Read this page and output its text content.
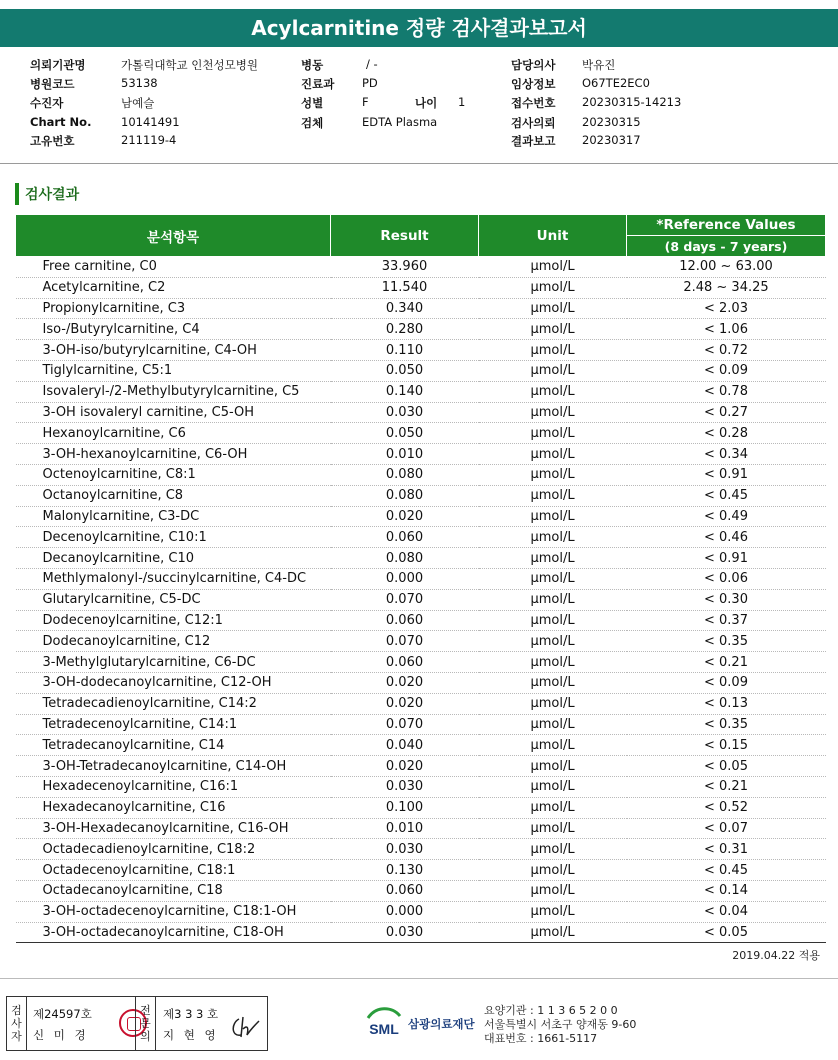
Acylcarnitine 정량 검사결과보고서
의뢰기관명	가톨릭대학교 인천성모병원	병동	/ -	담당의사 박유진
병원코드	53138	진료과 PD	임상정보 O67TE2EC0
수진자	남예슬	성별	F	나이 1	접수번호 20230315-14213
Chart No.	10141491	검체	EDTA Plasma	검사의뢰 20230315
고유번호	211119-4	결과보고 20230317
검사결과
분석항목	Result	Unit	*Reference Values
			(8 days - 7 years)
Free carnitine, C0	33.960	μmol/L	12.00 ~ 63.00
Acetylcarnitine, C2	11.540	μmol/L	2.48 ~ 34.25
Propionylcarnitine, C3	0.340	μmol/L	< 2.03
Iso-/Butyrylcarnitine, C4	0.280	μmol/L	< 1.06
3-OH-iso/butyrylcarnitine, C4-OH	0.110	μmol/L	< 0.72
Tiglylcarnitine, C5:1	0.050	μmol/L	< 0.09
Isovaleryl-/2-Methylbutyrylcarnitine, C5	0.140	μmol/L	< 0.78
3-OH isovaleryl carnitine, C5-OH	0.030	μmol/L	< 0.27
Hexanoylcarnitine, C6	0.050	μmol/L	< 0.28
3-OH-hexanoylcarnitine, C6-OH	0.010	μmol/L	< 0.34
Octenoylcarnitine, C8:1	0.080	μmol/L	< 0.91
Octanoylcarnitine, C8	0.080	μmol/L	< 0.45
Malonylcarnitine, C3-DC	0.020	μmol/L	< 0.49
Decenoylcarnitine, C10:1	0.060	μmol/L	< 0.46
Decanoylcarnitine, C10	0.080	μmol/L	< 0.91
Methlymalonyl-/succinylcarnitine, C4-DC	0.000	μmol/L	< 0.06
Glutarylcarnitine, C5-DC	0.070	μmol/L	< 0.30
Dodecenoylcarnitine, C12:1	0.060	μmol/L	< 0.37
Dodecanoylcarnitine, C12	0.070	μmol/L	< 0.35
3-Methylglutarylcarnitine, C6-DC	0.060	μmol/L	< 0.21
3-OH-dodecanoylcarnitine, C12-OH	0.020	μmol/L	< 0.09
Tetradecadienoylcarnitine, C14:2	0.020	μmol/L	< 0.13
Tetradecenoylcarnitine, C14:1	0.070	μmol/L	< 0.35
Tetradecanoylcarnitine, C14	0.040	μmol/L	< 0.15
3-OH-Tetradecanoylcarnitine, C14-OH	0.020	μmol/L	< 0.05
Hexadecenoylcarnitine, C16:1	0.030	μmol/L	< 0.21
Hexadecanoylcarnitine, C16	0.100	μmol/L	< 0.52
3-OH-Hexadecanoylcarnitine, C16-OH	0.010	μmol/L	< 0.07
Octadecadienoylcarnitine, C18:2	0.030	μmol/L	< 0.31
Octadecenoylcarnitine, C18:1	0.130	μmol/L	< 0.45
Octadecanoylcarnitine, C18	0.060	μmol/L	< 0.14
3-OH-octadecenoylcarnitine, C18:1-OH	0.000	μmol/L	< 0.04
3-OH-octadecanoylcarnitine, C18-OH	0.030	μmol/L	< 0.05
2019.04.22 적용
검
사
자
제24597호
신 미 경
전
문
의
제3 3 3 호
지 현 영	SML 삼광의료재단
요양기관 : 1 1 3 6 5 2 0 0
서울특별시 서초구 양재동 9-60
대표번호 : 1661-5117
